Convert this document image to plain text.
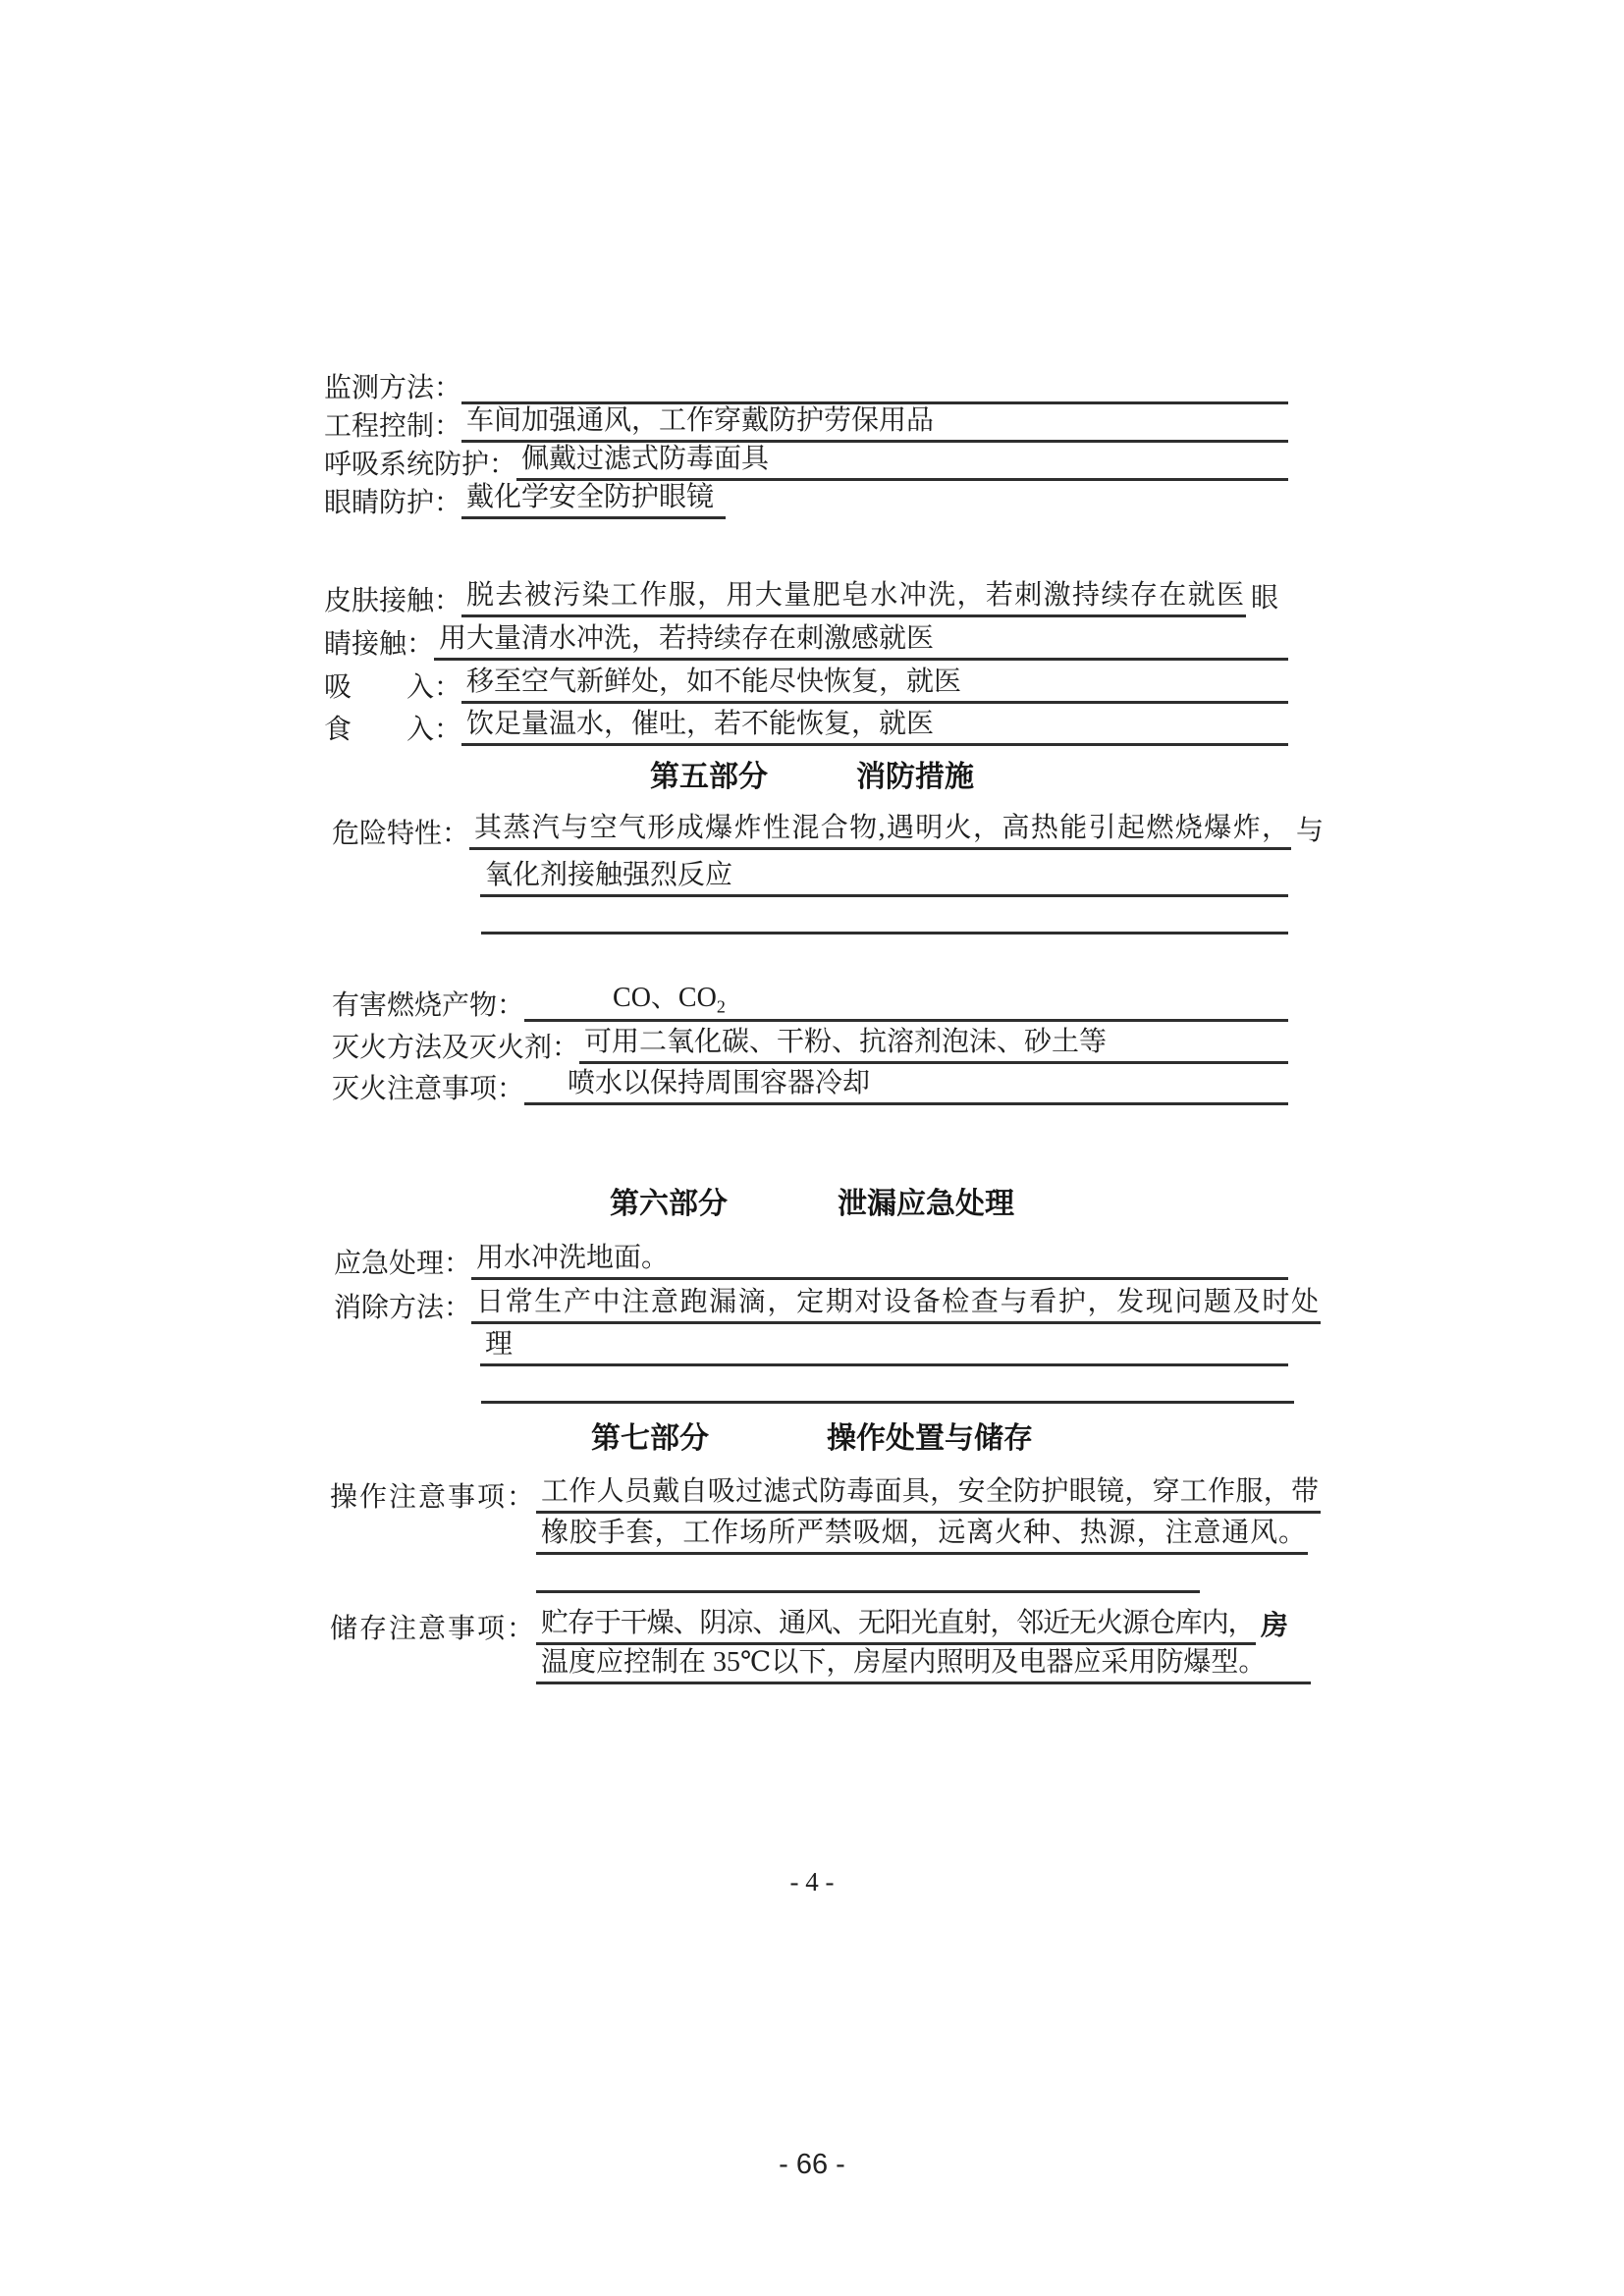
监测方法：
工程控制： 车间加强通风，工作穿戴防护劳保用品
呼吸系统防护： 佩戴过滤式防毒面具
眼睛防护： 戴化学安全防护眼镜
皮肤接触： 脱去被污染工作服，用大量肥皂水冲洗，若刺激持续存在就医 眼
睛接触： 用大量清水冲洗，若持续存在刺激感就医
吸　　入： 移至空气新鲜处，如不能尽快恢复，就医
食　　入： 饮足量温水，催吐，若不能恢复，就医
第五部分	消防措施
危险特性： 其蒸汽与空气形成爆炸性混合物,遇明火，高热能引起燃烧爆炸， 与
氧化剂接触强烈反应
有害燃烧产物：	CO、$CO_2$
灭火方法及灭火剂： 可用二氧化碳、干粉、抗溶剂泡沫、砂土等
灭火注意事项：	喷水以保持周围容器冷却
第六部分	泄漏应急处理
应急处理： 用水冲洗地面。
消除方法： 日常生产中注意跑漏滴，定期对设备检查与看护，发现问题及时处
理
第七部分	操作处置与储存
操作注意事项： 工作人员戴自吸过滤式防毒面具，安全防护眼镜，穿工作服，带
橡胶手套，工作场所严禁吸烟，远离火种、热源，注意通风。
储存注意事项： 贮存于干燥、阴凉、通风、无阳光直射，邻近无火源仓库内， 房
温度应控制在 35℃以下，房屋内照明及电器应采用防爆型。
- 4 -
- 66 -
